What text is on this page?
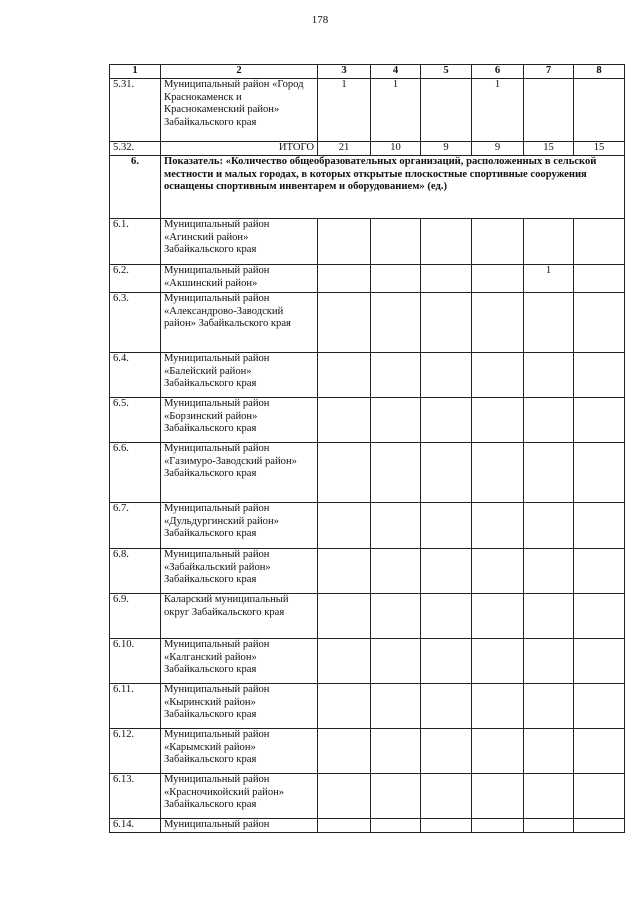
178
1	2	3	4	5	6	7	8
5.31.	Муниципальный район «Город Краснокаменск и Краснокаменский район» Забайкальского края	1	1		1		
5.32.	ИТОГО	21	10	9	9	15	15
6.	Показатель: «Количество общеобразовательных организаций, расположенных в сельской местности и малых городах, в которых открытые плоскостные спортивные сооружения оснащены спортивным инвентарем и оборудованием» (ед.)						
6.1.	Муниципальный район «Агинский район» Забайкальского края						
6.2.	Муниципальный район «Акшинский район»					1	
6.3.	Муниципальный район «Александрово-Заводский район» Забайкальского края						
6.4.	Муниципальный район «Балейский район» Забайкальского края						
6.5.	Муниципальный район «Борзинский район» Забайкальского края						
6.6.	Муниципальный район «Газимуро-Заводский район» Забайкальского края						
6.7.	Муниципальный район «Дульдургинский район» Забайкальского края						
6.8.	Муниципальный район «Забайкальский район» Забайкальского края						
6.9.	Каларский муниципальный округ Забайкальского края						
6.10.	Муниципальный район «Калганский район» Забайкальского края						
6.11.	Муниципальный район «Кыринский район» Забайкальского края						
6.12.	Муниципальный район «Карымский район» Забайкальского края						
6.13.	Муниципальный район «Красночикойский район» Забайкальского края						
6.14.	Муниципальный район						
